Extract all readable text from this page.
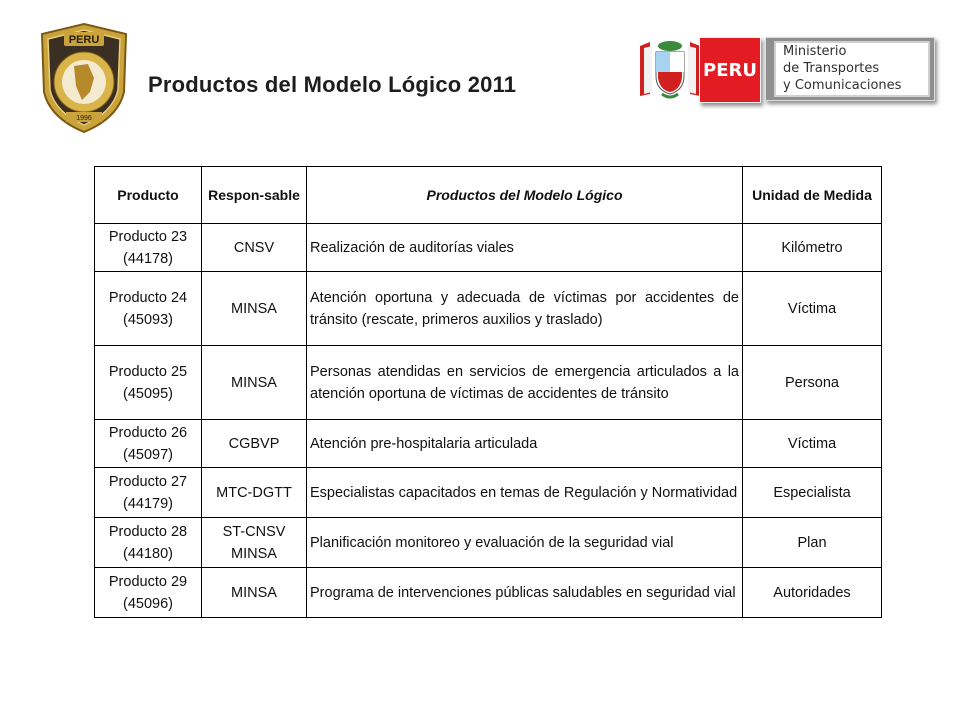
PERU
1996
Productos del Modelo Lógico 2011
PERU
Ministerio
de Transportes
y Comunicaciones
Producto	Respon-sable	Productos del Modelo Lógico	Unidad de Medida
Producto 23 (44178)	CNSV	Realización de auditorías viales	Kilómetro
Producto 24 (45093)	MINSA	Atención oportuna y adecuada de víctimas por accidentes de tránsito (rescate, primeros auxilios y traslado)	Víctima
Producto 25 (45095)	MINSA	Personas atendidas en servicios de emergencia articulados a la atención oportuna de víctimas de accidentes de tránsito	Persona
Producto 26 (45097)	CGBVP	Atención pre-hospitalaria articulada	Víctima
Producto 27 (44179)	MTC-DGTT	Especialistas capacitados en temas de Regulación y Normatividad	Especialista
Producto 28 (44180)	ST-CNSV MINSA	Planificación monitoreo y evaluación de la seguridad vial	Plan
Producto 29 (45096)	MINSA	Programa de intervenciones públicas saludables en seguridad vial	Autoridades
